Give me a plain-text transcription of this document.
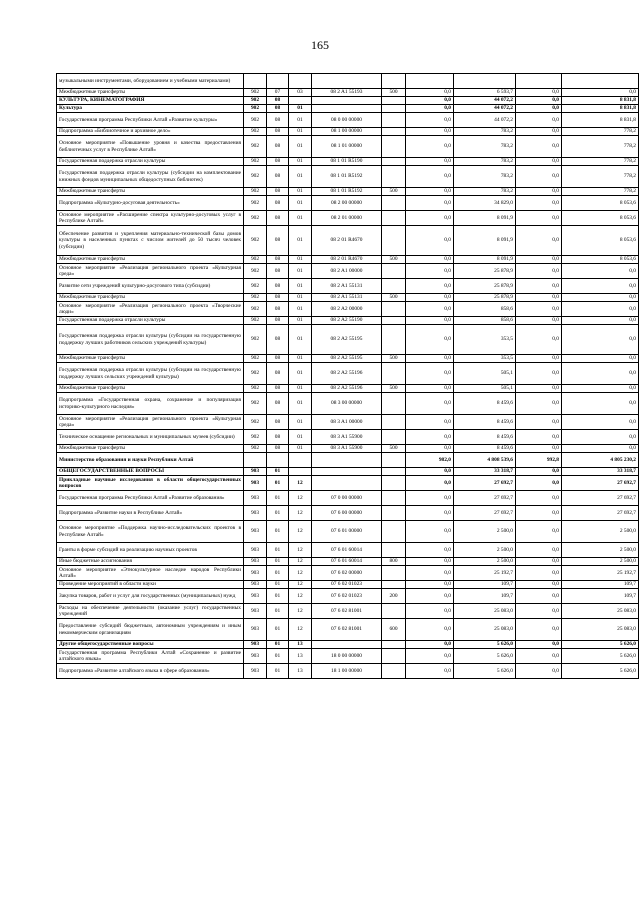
165
музыкальными инструментами, оборудованием и учебными материалами)									
Межбюджетные трансферты	902	07	03	08 2 A1 55193	500	0,0	6 593,7	0,0	0,0
КУЛЬТУРА, КИНЕМАТОГРАФИЯ	902	08				0,0	44 072,2	0,0	8 831,8
Культура	902	08	01			0,0	44 072,2	0,0	8 831,8
Государственная программа Республики Алтай «Развитие культуры»	902	08	01	08 0 00 00000		0,0	44 072,2	0,0	8 831,8
Подпрограмма «Библиотечное и архивное дело»	902	08	01	08 1 00 00000		0,0	783,2	0,0	778,2
Основное мероприятие «Повышение уровня и качества предоставления библиотечных услуг в Республике Алтай»	902	08	01	08 1 01 00000		0,0	783,2	0,0	778,2
Государственная поддержка отрасли культуры	902	08	01	08 1 01 R5190		0,0	783,2	0,0	778,2
Государственная поддержка отрасли культуры (субсидии на комплектование книжных фондов муниципальных общедоступных библиотек)	902	08	01	08 1 01 R5192		0,0	783,2	0,0	778,2
Межбюджетные трансферты	902	08	01	08 1 01 R5192	500	0,0	783,2	0,0	778,2
Подпрограмма «Культурно-досуговая деятельность»	902	08	01	08 2 00 00000		0,0	34 829,0	0,0	8 053,6
Основное мероприятие «Расширение спектра культурно-досуговых услуг в Республике Алтай»	902	08	01	08 2 01 00000		0,0	8 091,9	0,0	8 053,6
Обеспечение развития и укрепления материально-технической базы домов культуры в населенных пунктах с числом жителей до 50 тысяч человек (субсидии)	902	08	01	08 2 01 R4670		0,0	8 091,9	0,0	8 053,6
Межбюджетные трансферты	902	08	01	08 2 01 R4670	500	0,0	8 091,9	0,0	8 053,6
Основное мероприятие «Реализация регионального проекта «Культурная среда»	902	08	01	08 2 A1 00000		0,0	25 878,9	0,0	0,0
Развитие сети учреждений культурно-досугового типа (субсидии)	902	08	01	08 2 A1 55131		0,0	25 878,9	0,0	0,0
Межбюджетные трансферты	902	08	01	08 2 A1 55131	500	0,0	25 878,9	0,0	0,0
Основное мероприятие «Реализация регионального проекта «Творческие люди»	902	08	01	08 2 A2 00000		0,0	858,6	0,0	0,0
Государственная поддержка отрасли культуры	902	08	01	08 2 A2 55190		0,0	858,6	0,0	0,0
Государственная поддержка отрасли культуры (субсидии на государственную поддержку лучших работников сельских учреждений культуры)	902	08	01	08 2 A2 55195		0,0	353,5	0,0	0,0
Межбюджетные трансферты	902	08	01	08 2 A2 55195	500	0,0	353,5	0,0	0,0
Государственная поддержка отрасли культуры (субсидии на государственную поддержку лучших сельских учреждений культуры)	902	08	01	08 2 A2 55196		0,0	505,1	0,0	0,0
Межбюджетные трансферты	902	08	01	08 2 A2 55196	500	0,0	505,1	0,0	0,0
Подпрограмма «Государственная охрана, сохранение и популяризация историко-культурного наследия»	902	08	01	08 3 00 00000		0,0	8 459,6	0,0	0,0
Основное мероприятие «Реализация регионального проекта «Культурная среда»	902	08	01	08 3 A1 00000		0,0	8 459,6	0,0	0,0
Техническое оснащение региональных и муниципальных музеев (субсидии)	902	08	01	08 3 A1 55900		0,0	8 459,6	0,0	0,0
Межбюджетные трансферты	902	08	01	08 3 A1 55900	500	0,0	8 459,6	0,0	0,0
Министерство образования и науки Республики Алтай						982,0	4 808 539,6	992,8	4 805 230,2
ОБЩЕГОСУДАРСТВЕННЫЕ ВОПРОСЫ	903	01				0,0	33 318,7	0,0	33 318,7
Прикладные научные исследования в области общегосударственных вопросов	903	01	12			0,0	27 692,7	0,0	27 692,7
Государственная программа Республики Алтай «Развитие образования»	903	01	12	07 0 00 00000		0,0	27 692,7	0,0	27 692,7
Подпрограмма «Развитие науки в Республике Алтай»	903	01	12	07 6 00 00000		0,0	27 692,7	0,0	27 692,7
Основное мероприятие «Поддержка научно-исследовательских проектов в Республике Алтай»	903	01	12	07 6 01 00000		0,0	2 500,0	0,0	2 500,0
Гранты в форме субсидий на реализацию научных проектов	903	01	12	07 6 01 60014		0,0	2 500,0	0,0	2 500,0
Иные бюджетные ассигнования	903	01	12	07 6 01 60014	800	0,0	2 500,0	0,0	2 500,0
Основное мероприятие «Этнокультурное наследие народов Республики Алтай»	903	01	12	07 6 02 00000		0,0	25 192,7	0,0	25 192,7
Проведение мероприятий в области науки	903	01	12	07 6 02 01023		0,0	109,7	0,0	109,7
Закупка товаров, работ и услуг для государственных (муниципальных) нужд	903	01	12	07 6 02 01023	200	0,0	109,7	0,0	109,7
Расходы на обеспечение деятельности (оказание услуг) государственных учреждений	903	01	12	07 6 02 81001		0,0	25 083,0	0,0	25 083,0
Предоставление субсидий бюджетным, автономным учреждениям и иным некоммерческим организациям	903	01	12	07 6 02 81001	600	0,0	25 083,0	0,0	25 083,0
Другие общегосударственные вопросы	903	01	13			0,0	5 626,0	0,0	5 626,0
Государственная программа Республики Алтай «Сохранение и развитие алтайского языка»	903	01	13	18 0 00 00000		0,0	5 626,0	0,0	5 626,0
Подпрограмма «Развитие алтайского языка в сфере образования»	903	01	13	18 1 00 00000		0,0	5 626,0	0,0	5 626,0
